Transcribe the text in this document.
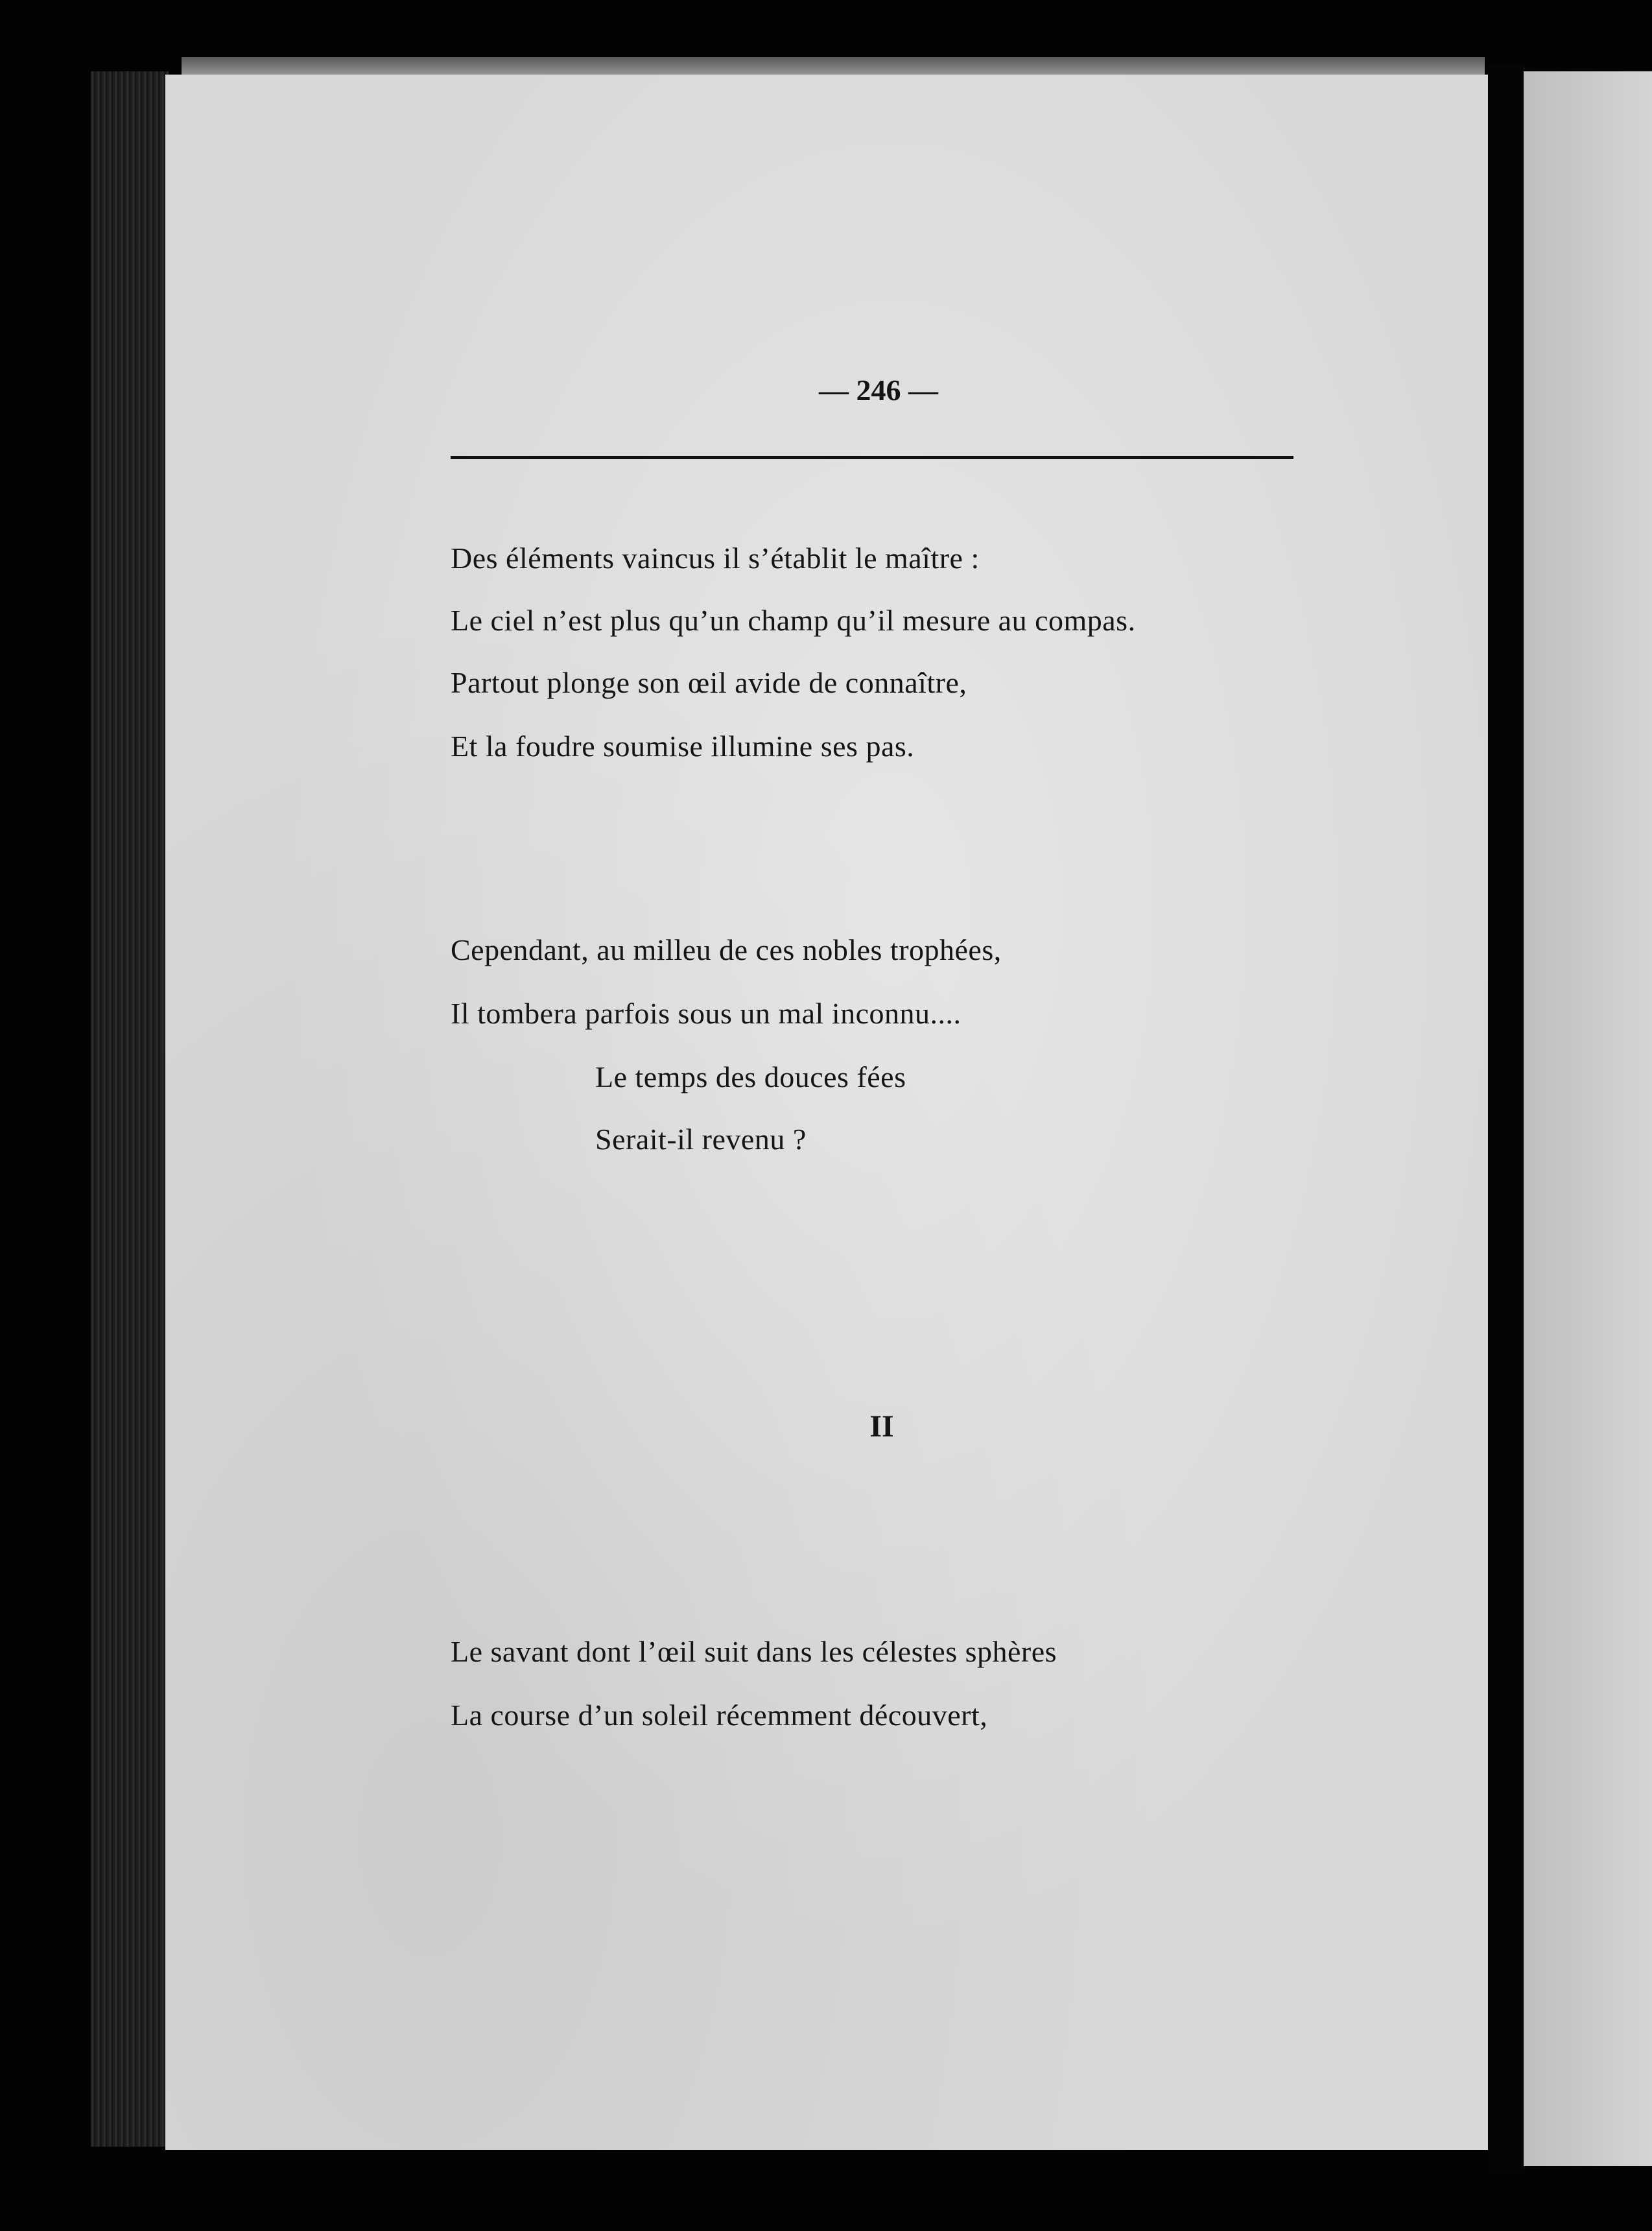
— 246 —
Des éléments vaincus il s’établit le maître :
Le ciel n’est plus qu’un champ qu’il mesure au compas.
Partout plonge son œil avide de connaître,
Et la foudre soumise illumine ses pas.
Cependant, au milleu de ces nobles trophées,
Il tombera parfois sous un mal inconnu....
Le temps des douces fées
Serait-il revenu ?
II
Le savant dont l’œil suit dans les célestes sphères
La course d’un soleil récemment découvert,
